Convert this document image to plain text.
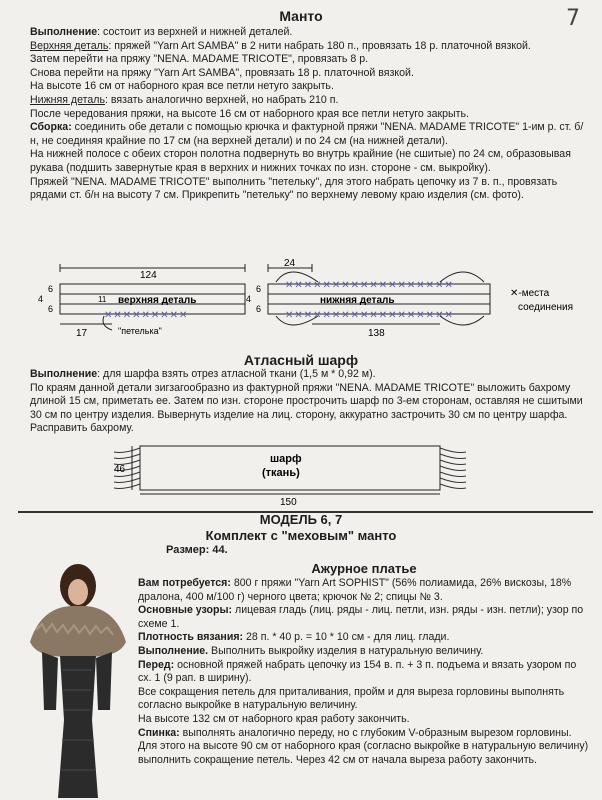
7
Манто
Выполнение: состоит из верхней и нижней деталей.
Верхняя деталь: пряжей "Yarn Art SAMBA" в 2 нити набрать 180 п., провязать 18 р. платочной вязкой.
Затем перейти на пряжу "NENA. MADAME TRICOTE", провязать 8 р.
Снова перейти на пряжу "Yarn Art SAMBA", провязать 18 р. платочной вязкой.
На высоте 16 см от наборного края все петли нетуго закрыть.
Нижняя деталь: вязать аналогично верхней, но набрать 210 п.
После чередования пряжи, на высоте 16 см от наборного края все петли нетуго закрыть.
Сборка: соединить обе детали с помощью крючка и фактурной пряжи "NENA. MADAME TRICOTE" 1-им р. ст. б/н, не соединяя крайние по 17 см (на верхней детали) и по 24 см (на нижней детали).
На нижней полосе с обеих сторон полотна подвернуть во внутрь крайние (не сшитые) по 24 см, образовывая рукава (подшить завернутые края в верхних и нижних точках по изн. стороне - см. выкройку).
Пряжей "NENA. MADAME TRICOTE" выполнить "петельку", для этого набрать цепочку из 7 в. п., провязать рядами ст. б/н на высоту 7 см. Прикрепить "петельку" по верхнему левому краю изделия (см. фото).
124
6
4
6
11 верхняя деталь
✕✕✕✕✕✕✕✕✕
17	"петелька"
24
6
4
6
✕✕✕✕✕✕✕✕✕✕✕✕✕✕✕✕✕✕
нижняя деталь
✕✕✕✕✕✕✕✕✕✕✕✕✕✕✕✕✕✕
138
✕-места
соединения
Атласный шарф
Выполнение: для шарфа взять отрез атласной ткани (1,5 м * 0,92 м).
По краям данной детали зигзагообразно из фактурной пряжи "NENA. MADAME TRICOTE" выложить бахрому длиной 15 см, приметать ее. Затем по изн. стороне прострочить шарф по 3-ем сторонам, оставляя не сшитыми 30 см по центру изделия. Вывернуть изделие на лиц. сторону, аккуратно застрочить 30 см по центру шарфа. Расправить бахрому.
46
шарф
(ткань)
150
МОДЕЛЬ 6, 7
Комплект с "меховым" манто
Размер: 44.
Ажурное платье
Вам потребуется: 800 г пряжи "Yarn Art SOPHIST" (56% полиамида, 26% вискозы, 18% дралона, 400 м/100 г) черного цвета; крючок № 2; спицы № 3.
Основные узоры: лицевая гладь (лиц. ряды - лиц. петли, изн. ряды - изн. петли); узор по схеме 1.
Плотность вязания: 28 п. * 40 р. = 10 * 10 см - для лиц. глади.
Выполнение. Выполнить выкройку изделия в натуральную величину.
Перед: основной пряжей набрать цепочку из 154 в. п. + 3 п. подъема и вязать узором по сх. 1 (9 рап. в ширину).
Все сокращения петель для приталивания, пройм и для выреза горловины выполнять согласно выкройке в натуральную величину.
На высоте 132 см от наборного края работу закончить.
Спинка: выполнять аналогично переду, но с глубоким V-образным вырезом горловины. Для этого на высоте 90 см от наборного края (согласно выкройке в натуральную величину) выполнить сокращение петель. Через 42 см от начала выреза работу закончить.
